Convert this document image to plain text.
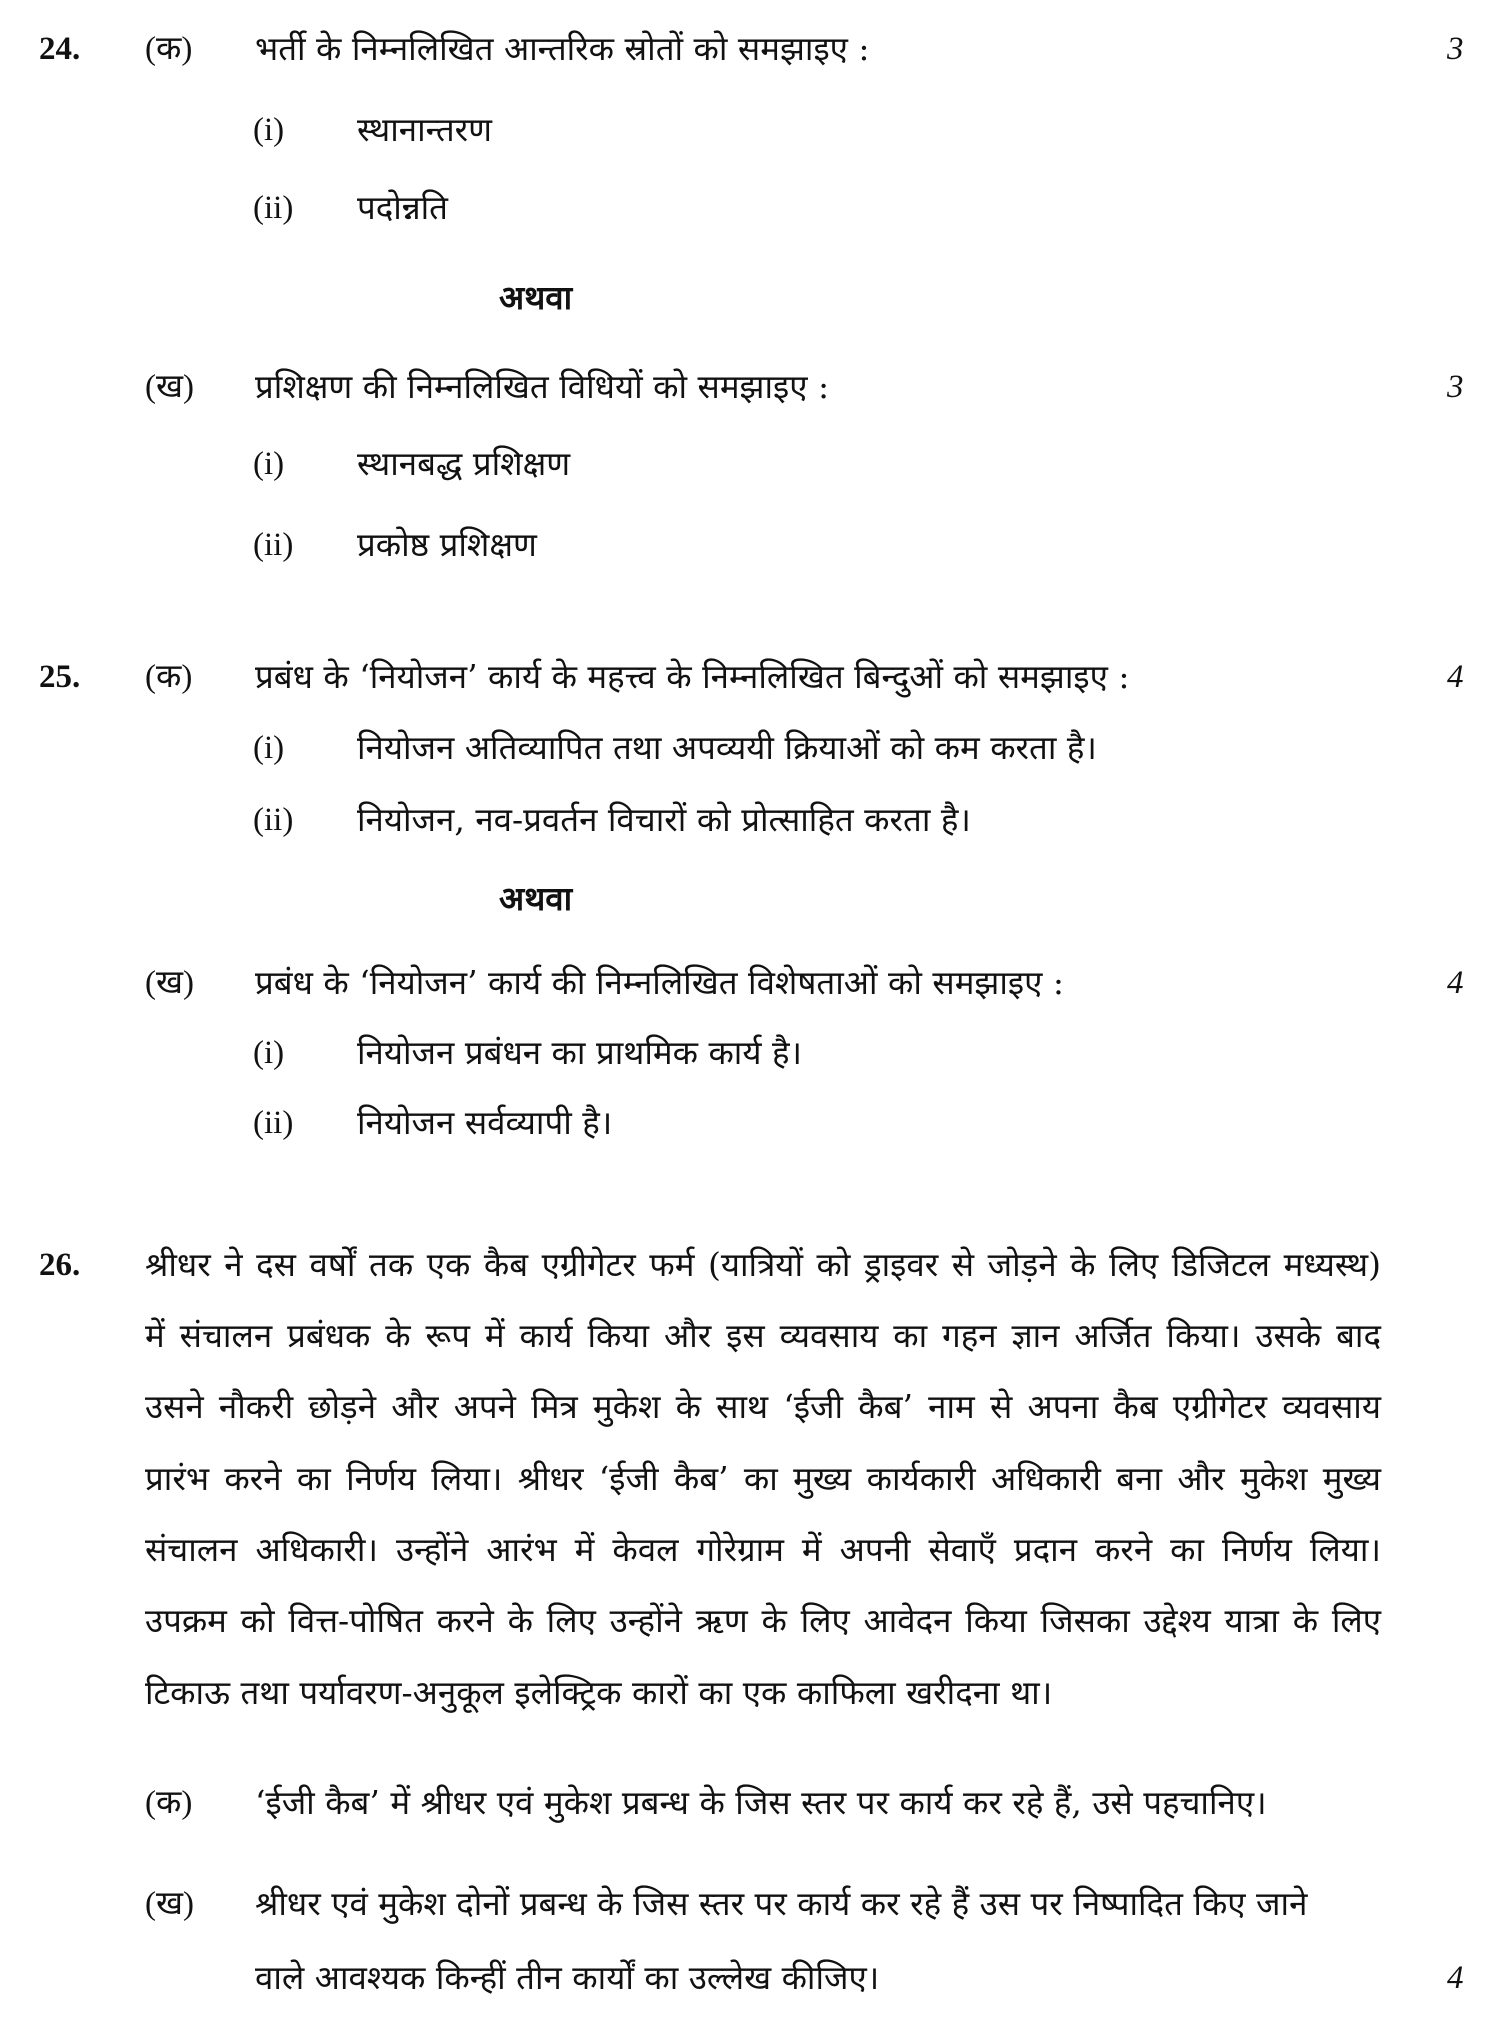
24. (क) भर्ती के निम्नलिखित आन्तरिक स्रोतों को समझाइए :	3
(i) स्थानान्तरण
(ii) पदोन्नति
अथवा
(ख) प्रशिक्षण की निम्नलिखित विधियों को समझाइए :	3
(i) स्थानबद्ध प्रशिक्षण
(ii) प्रकोष्ठ प्रशिक्षण
25. (क) प्रबंध के ‘नियोजन’ कार्य के महत्त्व के निम्नलिखित बिन्दुओं को समझाइए :	4
(i) नियोजन अतिव्यापित तथा अपव्ययी क्रियाओं को कम करता है।
(ii) नियोजन, नव-प्रवर्तन विचारों को प्रोत्साहित करता है।
अथवा
(ख) प्रबंध के ‘नियोजन’ कार्य की निम्नलिखित विशेषताओं को समझाइए :	4
(i) नियोजन प्रबंधन का प्राथमिक कार्य है।
(ii) नियोजन सर्वव्यापी है।
26. श्रीधर ने दस वर्षों तक एक कैब एग्रीगेटर फर्म (यात्रियों को ड्राइवर से जोड़ने के लिए डिजिटल मध्यस्थ)
में संचालन प्रबंधक के रूप में कार्य किया और इस व्यवसाय का गहन ज्ञान अर्जित किया। उसके बाद
उसने नौकरी छोड़ने और अपने मित्र मुकेश के साथ ‘ईजी कैब’ नाम से अपना कैब एग्रीगेटर व्यवसाय
प्रारंभ करने का निर्णय लिया। श्रीधर ‘ईजी कैब’ का मुख्य कार्यकारी अधिकारी बना और मुकेश मुख्य
संचालन अधिकारी। उन्होंने आरंभ में केवल गोरेग्राम में अपनी सेवाएँ प्रदान करने का निर्णय लिया।
उपक्रम को वित्त-पोषित करने के लिए उन्होंने ऋण के लिए आवेदन किया जिसका उद्देश्य यात्रा के लिए
टिकाऊ तथा पर्यावरण-अनुकूल इलेक्ट्रिक कारों का एक काफिला खरीदना था।
(क) ‘ईजी कैब’ में श्रीधर एवं मुकेश प्रबन्ध के जिस स्तर पर कार्य कर रहे हैं, उसे पहचानिए।
(ख) श्रीधर एवं मुकेश दोनों प्रबन्ध के जिस स्तर पर कार्य कर रहे हैं उस पर निष्पादित किए जाने
वाले आवश्यक किन्हीं तीन कार्यों का उल्लेख कीजिए।	4
